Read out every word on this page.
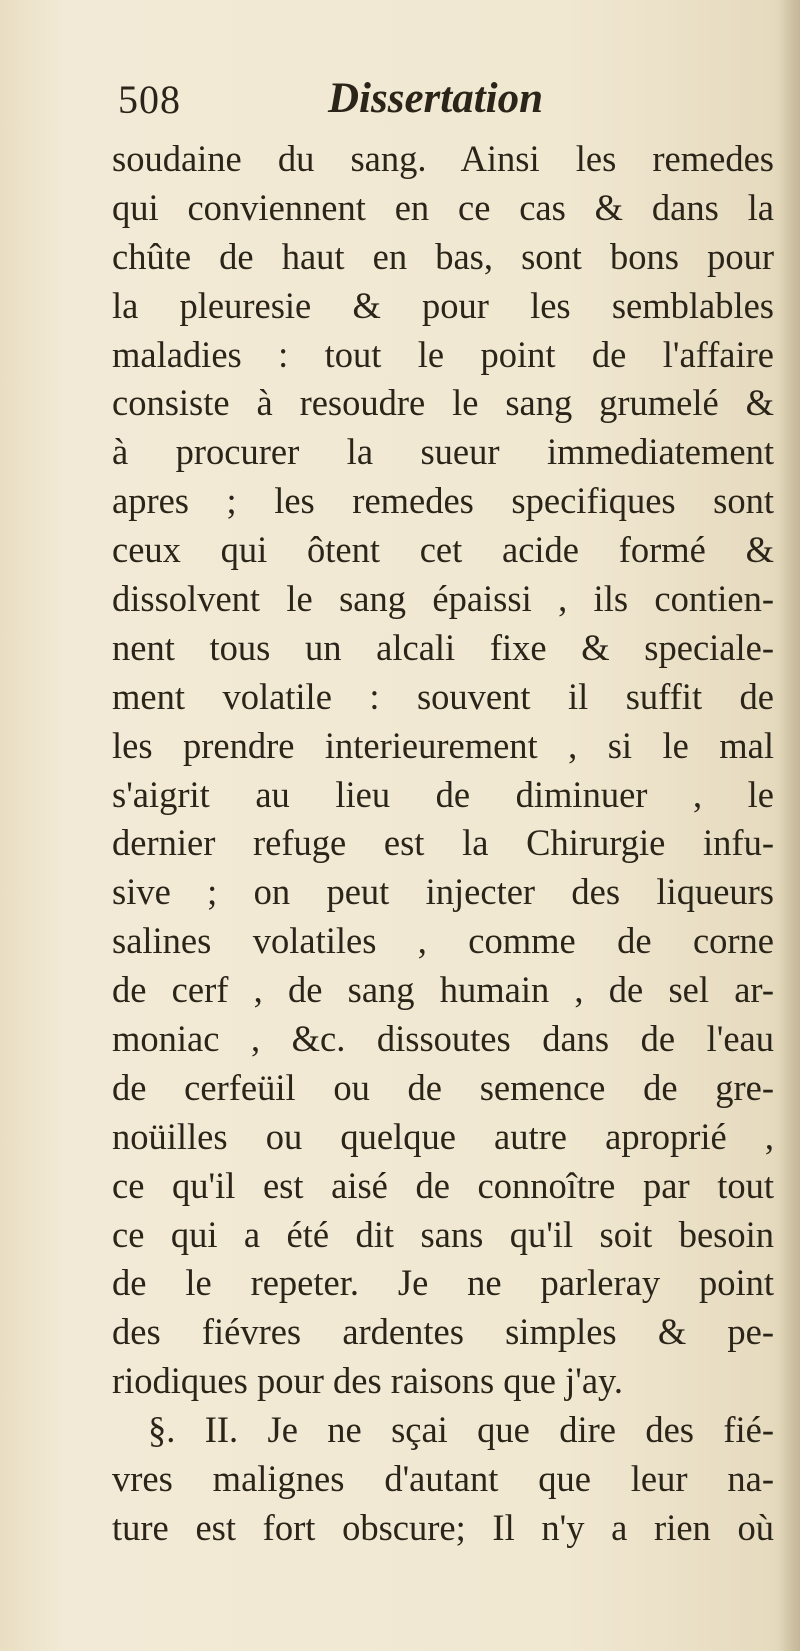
508	Dissertation
soudaine du sang. Ainsi les remedes
qui conviennent en ce cas & dans la
chûte de haut en bas, sont bons pour
la pleuresie & pour les semblables
maladies : tout le point de l'affaire
consiste à resoudre le sang grumelé &
à procurer la sueur immediatement
apres ; les remedes specifiques sont
ceux qui ôtent cet acide formé &
dissolvent le sang épaissi , ils contien-
nent tous un alcali fixe & speciale-
ment volatile : souvent il suffit de
les prendre interieurement , si le mal
s'aigrit au lieu de diminuer , le
dernier refuge est la Chirurgie infu-
sive ; on peut injecter des liqueurs
salines volatiles , comme de corne
de cerf , de sang humain , de sel ar-
moniac , &c. dissoutes dans de l'eau
de cerfeüil ou de semence de gre-
noüilles ou quelque autre aproprié ,
ce qu'il est aisé de connoître par tout
ce qui a été dit sans qu'il soit besoin
de le repeter. Je ne parleray point
des fiévres ardentes simples & pe-
riodiques pour des raisons que j'ay.
§. II. Je ne sçai que dire des fié-
vres malignes d'autant que leur na-
ture est fort obscure; Il n'y a rien où
